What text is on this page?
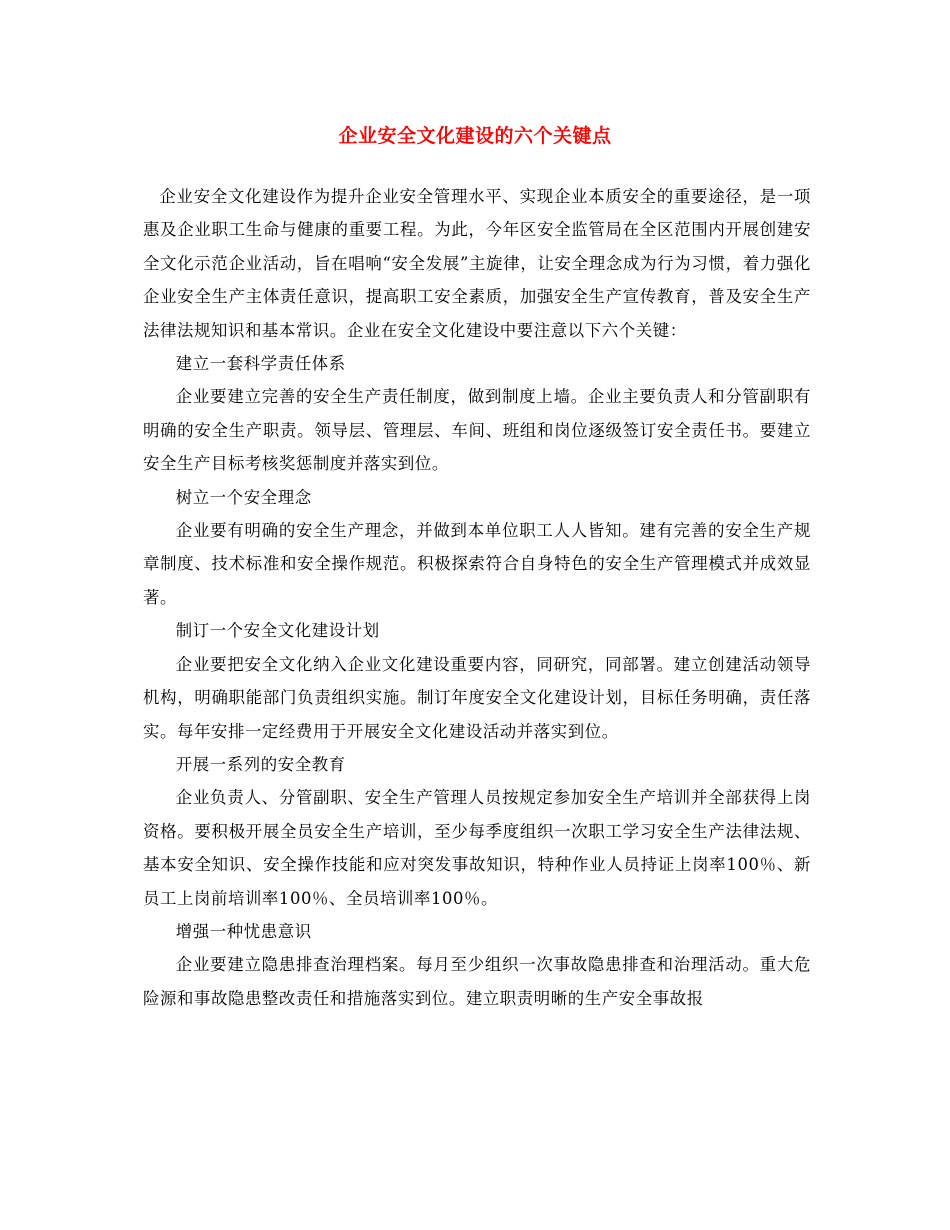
企业安全文化建设的六个关键点

企业安全文化建设作为提升企业安全管理水平、实现企业本质安全的重要途径，是一项惠及企业职工生命与健康的重要工程。为此，今年区安全监管局在全区范围内开展创建安全文化示范企业活动，旨在唱响“安全发展”主旋律，让安全理念成为行为习惯，着力强化企业安全生产主体责任意识，提高职工安全素质，加强安全生产宣传教育，普及安全生产法律法规知识和基本常识。企业在安全文化建设中要注意以下六个关键：

建立一套科学责任体系

企业要建立完善的安全生产责任制度，做到制度上墙。企业主要负责人和分管副职有明确的安全生产职责。领导层、管理层、车间、班组和岗位逐级签订安全责任书。要建立安全生产目标考核奖惩制度并落实到位。

树立一个安全理念

企业要有明确的安全生产理念，并做到本单位职工人人皆知。建有完善的安全生产规章制度、技术标准和安全操作规范。积极探索符合自身特色的安全生产管理模式并成效显著。

制订一个安全文化建设计划

企业要把安全文化纳入企业文化建设重要内容，同研究，同部署。建立创建活动领导机构，明确职能部门负责组织实施。制订年度安全文化建设计划，目标任务明确，责任落实。每年安排一定经费用于开展安全文化建设活动并落实到位。

开展一系列的安全教育

企业负责人、分管副职、安全生产管理人员按规定参加安全生产培训并全部获得上岗资格。要积极开展全员安全生产培训，至少每季度组织一次职工学习安全生产法律法规、基本安全知识、安全操作技能和应对突发事故知识，特种作业人员持证上岗率100％、新员工上岗前培训率100％、全员培训率100％。

增强一种忧患意识

企业要建立隐患排查治理档案。每月至少组织一次事故隐患排查和治理活动。重大危险源和事故隐患整改责任和措施落实到位。建立职责明晰的生产安全事故报
